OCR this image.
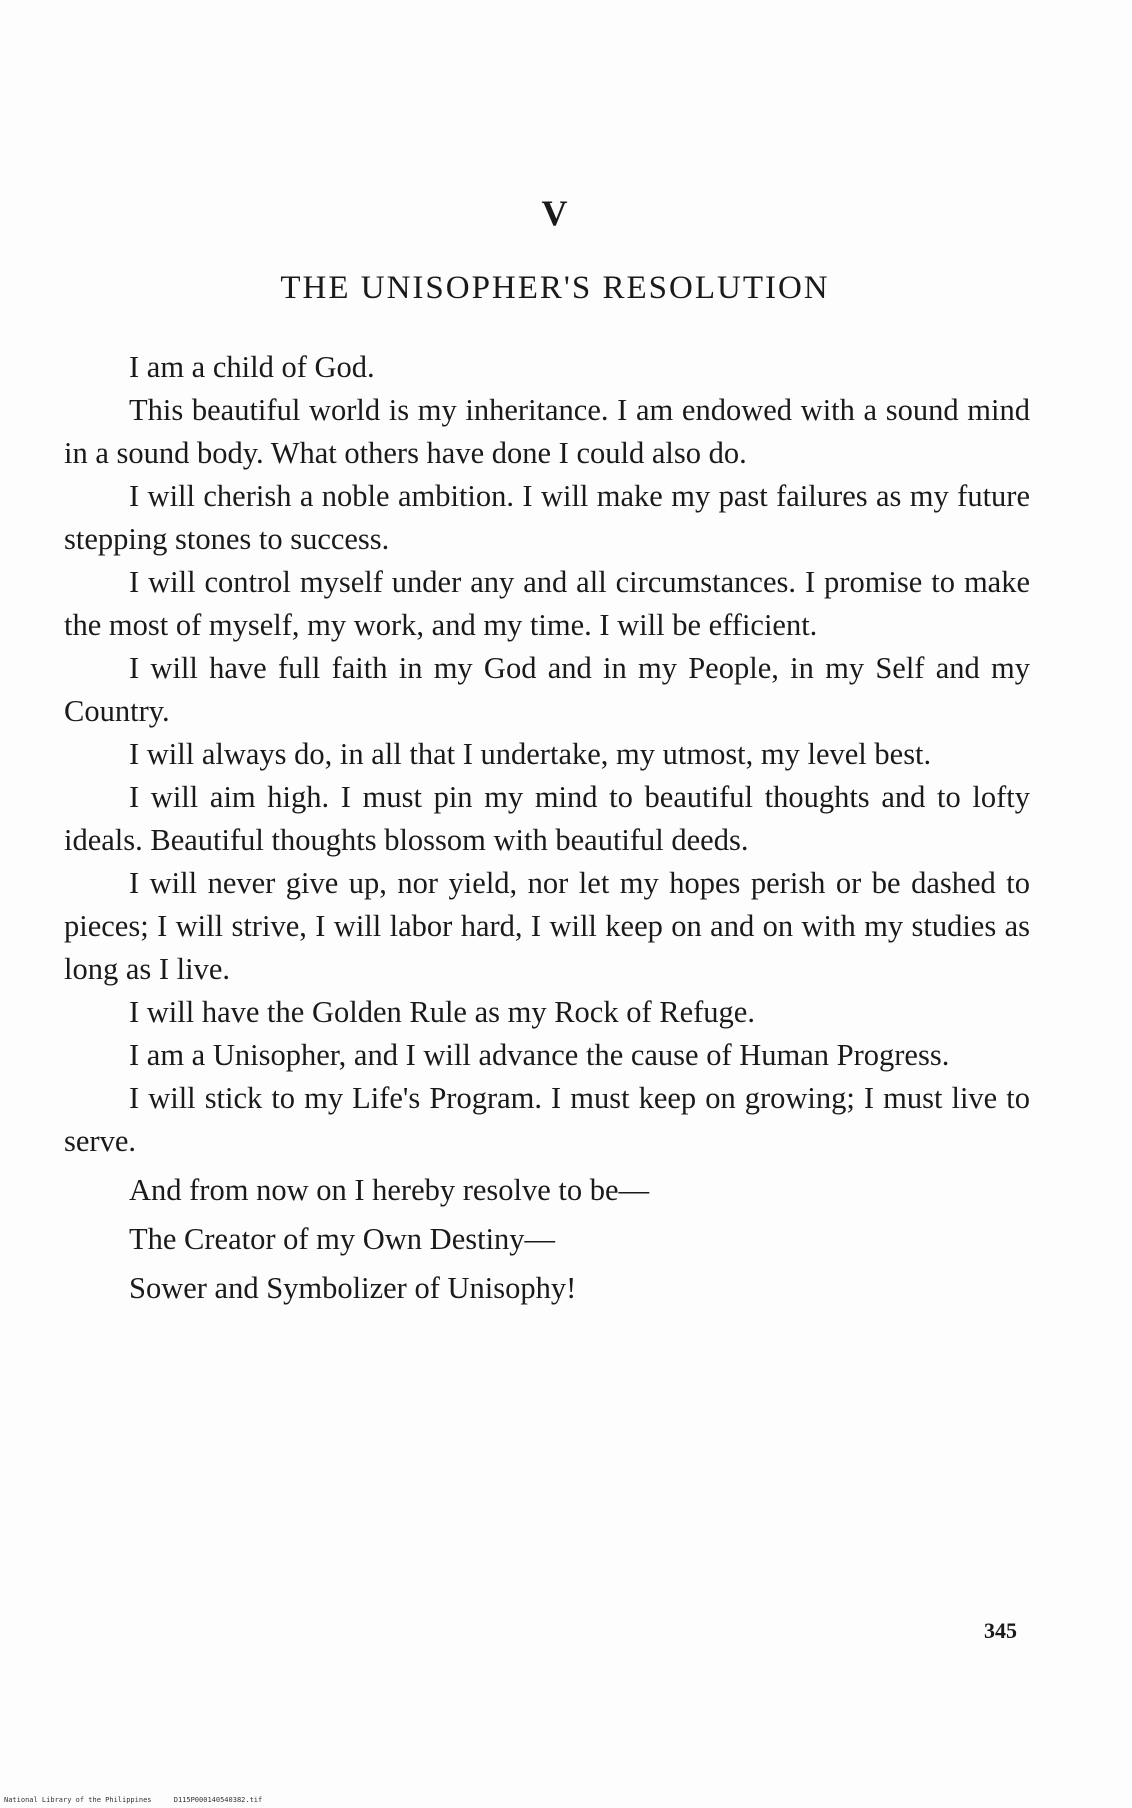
V
THE UNISOPHER'S RESOLUTION

I am a child of God.

This beautiful world is my inheritance. I am endowed with a sound mind in a sound body. What others have done I could also do.

I will cherish a noble ambition. I will make my past failures as my future stepping stones to success.

I will control myself under any and all circumstances. I promise to make the most of myself, my work, and my time. I will be efficient.

I will have full faith in my God and in my People, in my Self and my Country.

I will always do, in all that I undertake, my utmost, my level best.

I will aim high. I must pin my mind to beautiful thoughts and to lofty ideals. Beautiful thoughts blossom with beautiful deeds.

I will never give up, nor yield, nor let my hopes perish or be dashed to pieces; I will strive, I will labor hard, I will keep on and on with my studies as long as I live.

I will have the Golden Rule as my Rock of Refuge.

I am a Unisopher, and I will advance the cause of Human Progress.

I will stick to my Life's Program. I must keep on growing; I must live to serve.

And from now on I hereby resolve to be—

The Creator of my Own Destiny—

Sower and Symbolizer of Unisophy!

345
National Library of the Philippines	D115P000140540382.tif
